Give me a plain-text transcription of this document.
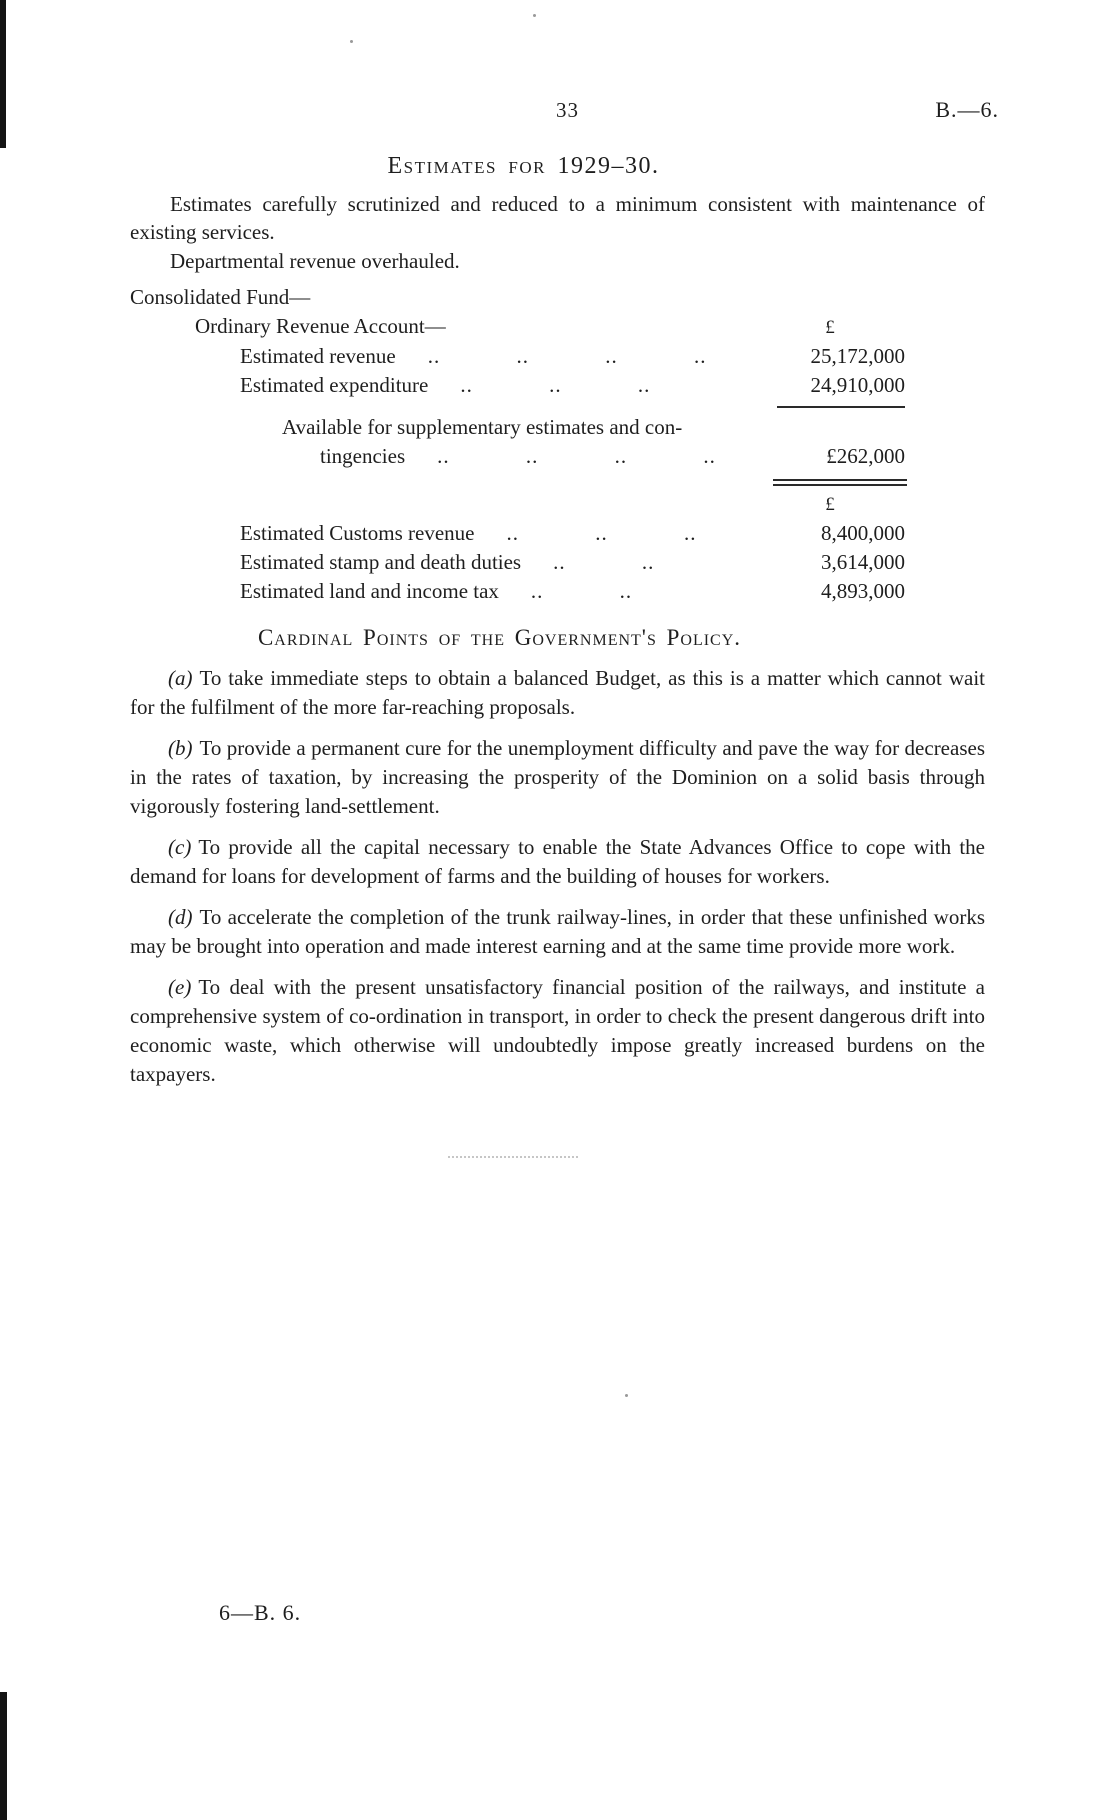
33	B.—6.
Estimates for 1929–30.

Estimates carefully scrutinized and reduced to a minimum consistent with maintenance of existing services.

Departmental revenue overhauled.

Consolidated Fund—
Ordinary Revenue Account—	£
Estimated revenue	.. .. .. ..	25,172,000
Estimated expenditure	.. .. ..	24,910,000
Available for supplementary estimates and con-
tingencies	.. .. .. ..	£262,000
£
Estimated Customs revenue	.. .. ..	8,400,000
Estimated stamp and death duties	.. ..	3,614,000
Estimated land and income tax	.. ..	4,893,000
Cardinal Points of the Government's Policy.

(a) To take immediate steps to obtain a balanced Budget, as this is a matter which cannot wait for the fulfilment of the more far-reaching proposals.

(b) To provide a permanent cure for the unemployment difficulty and pave the way for decreases in the rates of taxation, by increasing the prosperity of the Dominion on a solid basis through vigorously fostering land-settlement.

(c) To provide all the capital necessary to enable the State Advances Office to cope with the demand for loans for development of farms and the building of houses for workers.

(d) To accelerate the completion of the trunk railway-lines, in order that these unfinished works may be brought into operation and made interest earning and at the same time provide more work.

(e) To deal with the present unsatisfactory financial position of the railways, and institute a comprehensive system of co-ordination in transport, in order to check the present dangerous drift into economic waste, which otherwise will undoubtedly impose greatly increased burdens on the taxpayers.

6—B. 6.
